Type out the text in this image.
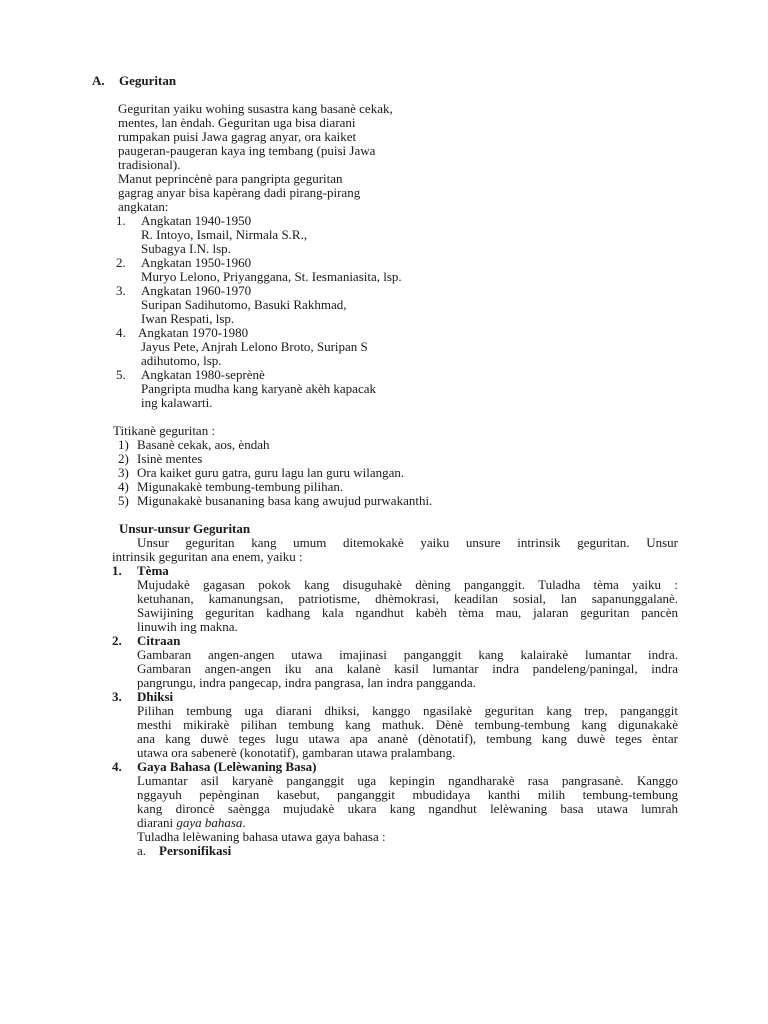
A. Geguritan
Geguritan yaiku wohing susastra kang basanè cekak,
mentes, lan èndah. Geguritan uga bisa diarani
rumpakan puisi Jawa gagrag anyar, ora kaiket
paugeran-paugeran kaya ing tembang (puisi Jawa
tradisional).
Manut peprincènè para pangripta geguritan
gagrag anyar bisa kapèrang dadi pirang-pirang
angkatan:
1. Angkatan 1940-1950
R. Intoyo, Ismail, Nirmala S.R.,
Subagya I.N. lsp.
2. Angkatan 1950-1960
Muryo Lelono, Priyanggana, St. Iesmaniasita, lsp.
3. Angkatan 1960-1970
Suripan Sadihutomo, Basuki Rakhmad,
Iwan Respati, lsp.
4. Angkatan 1970-1980
Jayus Pete, Anjrah Lelono Broto, Suripan S
adihutomo, lsp.
5. Angkatan 1980-seprènè
Pangripta mudha kang karyanè akèh kapacak
ing kalawarti.
Titikanè geguritan :
1) Basanè cekak, aos, èndah
2) Isinè mentes
3) Ora kaiket guru gatra, guru lagu lan guru wilangan.
4) Migunakakè tembung-tembung pilihan.
5) Migunakakè busananing basa kang awujud purwakanthi.
Unsur-unsur Geguritan
Unsur geguritan kang umum ditemokakè yaiku unsure intrinsik geguritan. Unsur
intrinsik geguritan ana enem, yaiku :
1. Tèma
Mujudakè gagasan pokok kang disuguhakè dèning panganggit. Tuladha tèma yaiku :
ketuhanan, kamanungsan, patriotisme, dhèmokrasi, keadilan sosial, lan sapanunggalanè.
Sawijining geguritan kadhang kala ngandhut kabèh tèma mau, jalaran geguritan pancèn
linuwih ing makna.
2. Citraan
Gambaran angen-angen utawa imajinasi panganggit kang kalairakè lumantar indra.
Gambaran angen-angen iku ana kalanè kasil lumantar indra pandeleng/paningal, indra
pangrungu, indra pangecap, indra pangrasa, lan indra pangganda.
3. Dhiksi
Pilihan tembung uga diarani dhiksi, kanggo ngasilakè geguritan kang trep, panganggit
mesthi mikirakè pilihan tembung kang mathuk. Dènè tembung-tembung kang digunakakè
ana kang duwè teges lugu utawa apa ananè (dènotatif), tembung kang duwè teges èntar
utawa ora sabenerè (konotatif), gambaran utawa pralambang.
4. Gaya Bahasa (Lelèwaning Basa)
Lumantar asil karyanè panganggit uga kepingin ngandharakè rasa pangrasanè. Kanggo
nggayuh pepènginan kasebut, panganggit mbudidaya kanthi milih tembung-tembung
kang dironcè saèngga mujudakè ukara kang ngandhut lelèwaning basa utawa lumrah
diarani gaya bahasa.
Tuladha lelèwaning bahasa utawa gaya bahasa :
a. Personifikasi
